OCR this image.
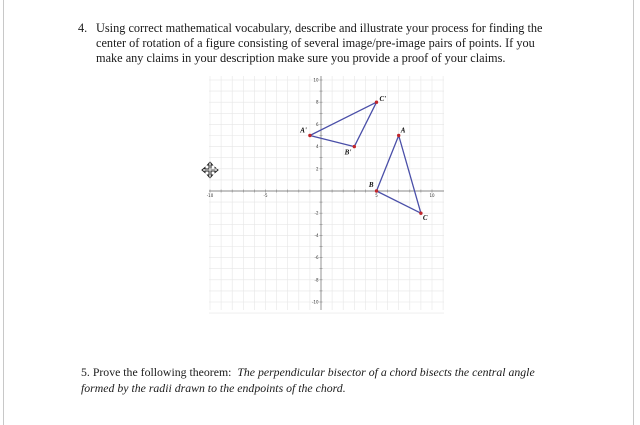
4. Using correct mathematical vocabulary, describe and illustrate your process for finding the
center of rotation of a figure consisting of several image/pre-image pairs of points. If you
make any claims in your description make sure you provide a proof of your claims.
-10	-5	5	10
10
8
6
4
2
-2
-4
-6
-8
-10
A
B
C
A'
B'
C'
5. Prove the following theorem: The perpendicular bisector of a chord bisects the central angle
formed by the radii drawn to the endpoints of the chord.
